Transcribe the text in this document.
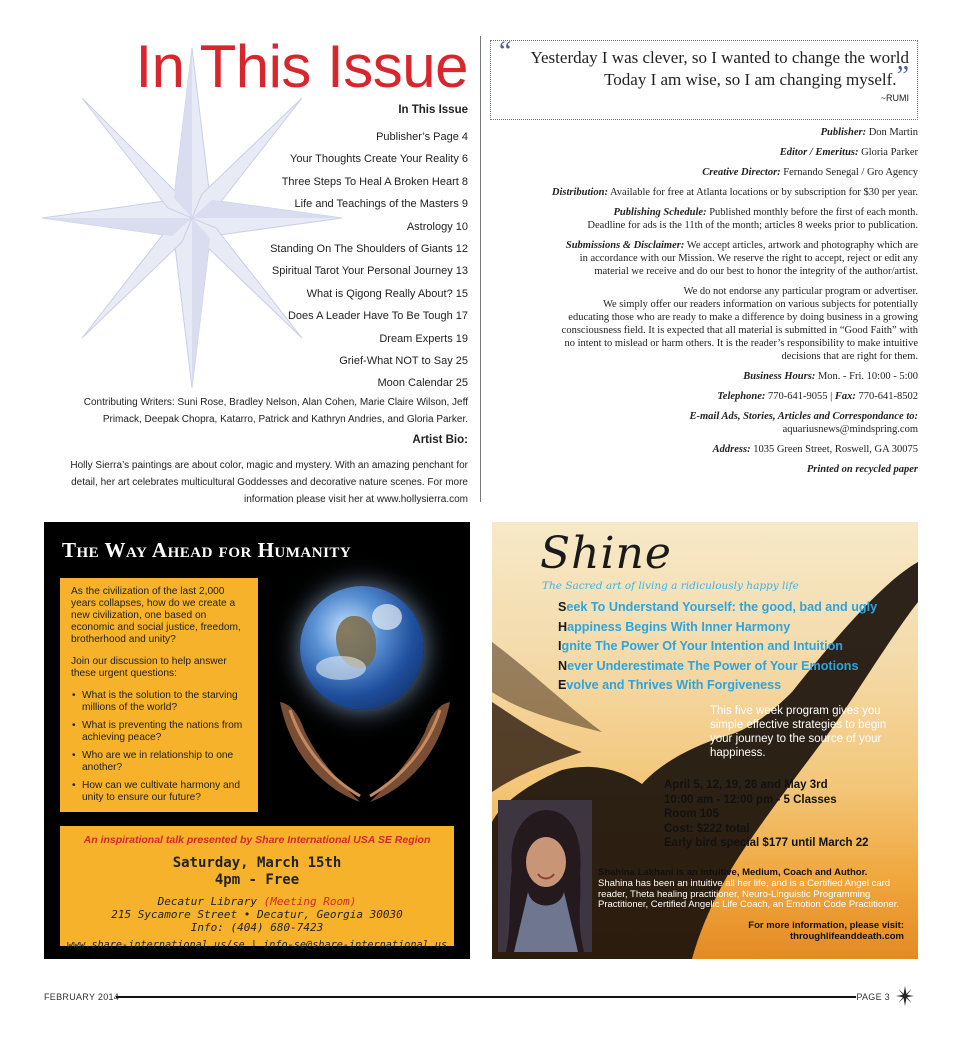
In This Issue
In This Issue
Publisher’s Page 4
Your Thoughts Create Your Reality 6
Three Steps To Heal A Broken Heart 8
Life and Teachings of the Masters 9
Astrology 10
Standing On The Shoulders of Giants 12
Spiritual Tarot Your Personal Journey 13
What is Qigong Really About? 15
Does A Leader Have To Be Tough 17
Dream Experts 19
Grief-What NOT to Say 25
Moon Calendar 25

Contributing Writers: Suni Rose, Bradley Nelson, Alan Cohen, Marie Claire Wilson, Jeff Primack, Deepak Chopra, Katarro, Patrick and Kathryn Andries, and Gloria Parker.

Artist Bio:

Holly Sierra’s paintings are about color, magic and mystery. With an amazing penchant for detail, her art celebrates multicultural Goddesses and decorative nature scenes. For more information please visit her at www.hollysierra.com

“ Yesterday I was clever, so I wanted to change the world
Today I am wise, so I am changing myself.”
~RUMI
Publisher: Don Martin
Editor / Emeritus: Gloria Parker
Creative Director: Fernando Senegal / Gro Agency
Distribution: Available for free at Atlanta locations or by subscription for $30 per year.
Publishing Schedule: Published monthly before the first of each month.
Deadline for ads is the 11th of the month; articles 8 weeks prior to publication.
Submissions & Disclaimer: We accept articles, artwork and photography which are
in accordance with our Mission. We reserve the right to accept, reject or edit any
material we receive and do our best to honor the integrity of the author/artist.
We do not endorse any particular program or advertiser.
We simply offer our readers information on various subjects for potentially
educating those who are ready to make a difference by doing business in a growing
consciousness field. It is expected that all material is submitted in “Good Faith” with
no intent to mislead or harm others. It is the reader’s responsibility to make intuitive
decisions that are right for them.
Business Hours: Mon. - Fri. 10:00 - 5:00
Telephone: 770-641-9055 | Fax: 770-641-8502
E-mail Ads, Stories, Articles and Correspondance to:
aquariusnews@mindspring.com
Address: 1035 Green Street, Roswell, GA 30075
Printed on recycled paper
The Way Ahead for Humanity

As the civilization of the last 2,000 years collapses, how do we create a new civilization, one based on economic and social justice, freedom, brotherhood and unity?

Join our discussion to help answer these urgent questions:

• What is the solution to the starving millions of the world?
• What is preventing the nations from achieving peace?
• Who are we in relationship to one another?
• How can we cultivate harmony and unity to ensure our future?
An inspirational talk presented by Share International USA SE Region
Saturday, March 15th
4pm - Free
Decatur Library (Meeting Room)
215 Sycamore Street • Decatur, Georgia 30030
Info: (404) 680-7423
www.share-international.us/se | info-se@share-international.us
Shine
The Sacred art of living a ridiculously happy life
Seek To Understand Yourself: the good, bad and ugly
Happiness Begins With Inner Harmony
Ignite The Power Of Your Intention and Intuition
Never Underestimate The Power of Your Emotions
Evolve and Thrives With Forgiveness

This five week program gives you simple effective strategies to begin your journey to the source of your happiness.

April 5, 12, 19, 26 and May 3rd
10:00 am - 12:00 pm - 5 Classes
Room 105
Cost: $222 total
Early bird special $177 until March 22

Shahina Lakhani is an intuitive, Medium, Coach and Author.
Shahina has been an intuitive all her life, and is a Certified Angel card reader, Theta healing practitioner, Neuro-Linguistic Programming Practitioner, Certified Angelic Life Coach, an Emotion Code Practitioner.

For more information, please visit:
throughlifeanddeath.com
FEBRUARY 2014	PAGE 3
